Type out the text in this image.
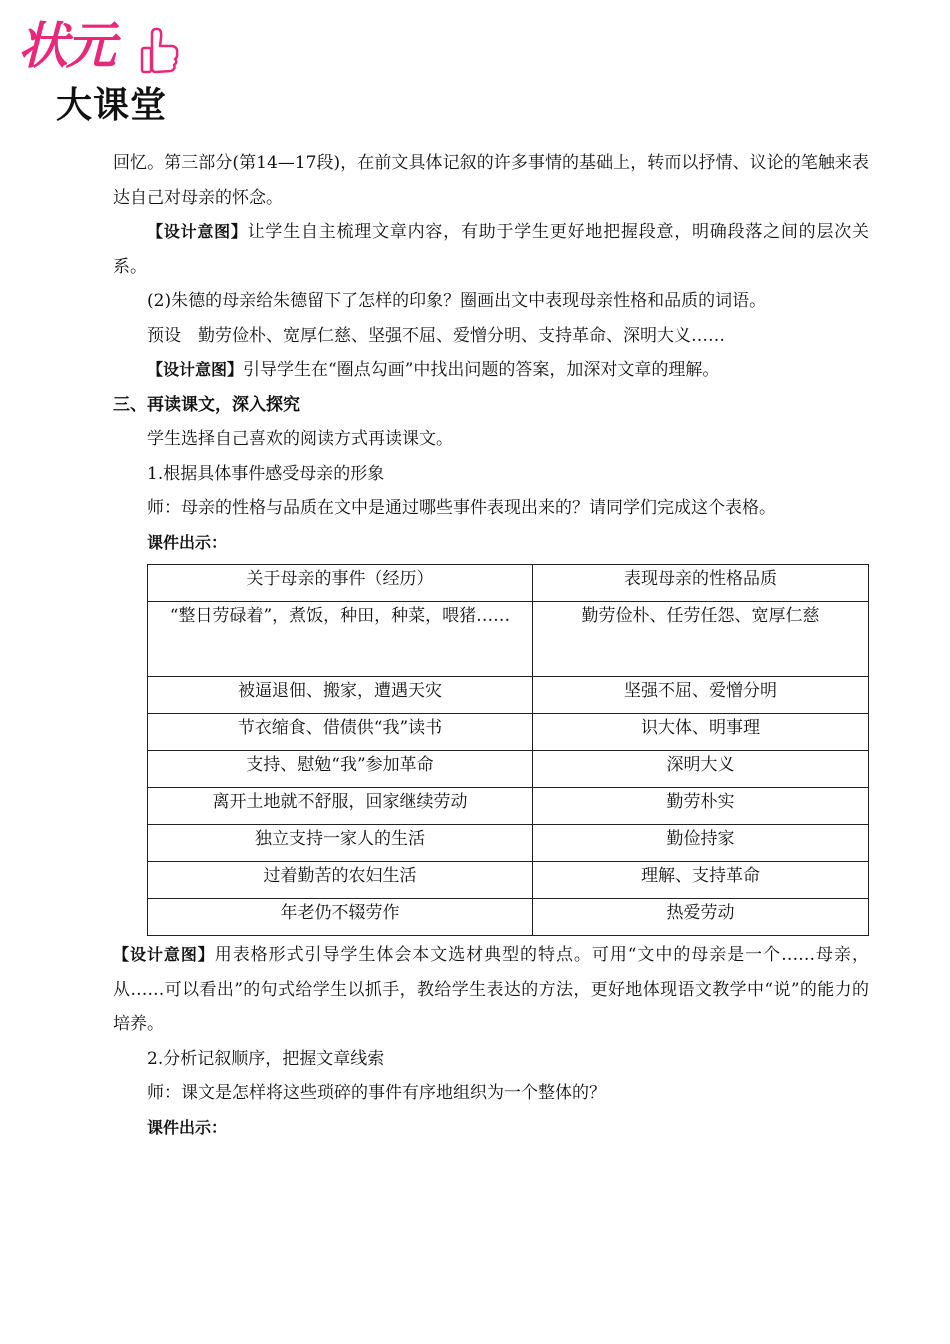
状元
大课堂

回忆。第三部分(第14—17段)，在前文具体记叙的许多事情的基础上，转而以抒情、议论的笔触来表达自己对母亲的怀念。

【设计意图】让学生自主梳理文章内容，有助于学生更好地把握段意，明确段落之间的层次关系。

(2)朱德的母亲给朱德留下了怎样的印象？圈画出文中表现母亲性格和品质的词语。

预设　勤劳俭朴、宽厚仁慈、坚强不屈、爱憎分明、支持革命、深明大义……

【设计意图】引导学生在“圈点勾画”中找出问题的答案，加深对文章的理解。

三、再读课文，深入探究

学生选择自己喜欢的阅读方式再读课文。

1.根据具体事件感受母亲的形象

师：母亲的性格与品质在文中是通过哪些事件表现出来的？请同学们完成这个表格。

课件出示：

关于母亲的事件（经历）	表现母亲的性格品质
“整日劳碌着”，煮饭，种田，种菜，喂猪……	勤劳俭朴、任劳任怨、宽厚仁慈
被逼退佃、搬家，遭遇天灾	坚强不屈、爱憎分明
节衣缩食、借债供“我”读书	识大体、明事理
支持、慰勉“我”参加革命	深明大义
离开土地就不舒服，回家继续劳动	勤劳朴实
独立支持一家人的生活	勤俭持家
过着勤苦的农妇生活	理解、支持革命
年老仍不辍劳作	热爱劳动

【设计意图】用表格形式引导学生体会本文选材典型的特点。可用“文中的母亲是一个……母亲，从……可以看出”的句式给学生以抓手，教给学生表达的方法，更好地体现语文教学中“说”的能力的培养。

2.分析记叙顺序，把握文章线索

师：课文是怎样将这些琐碎的事件有序地组织为一个整体的？

课件出示：
